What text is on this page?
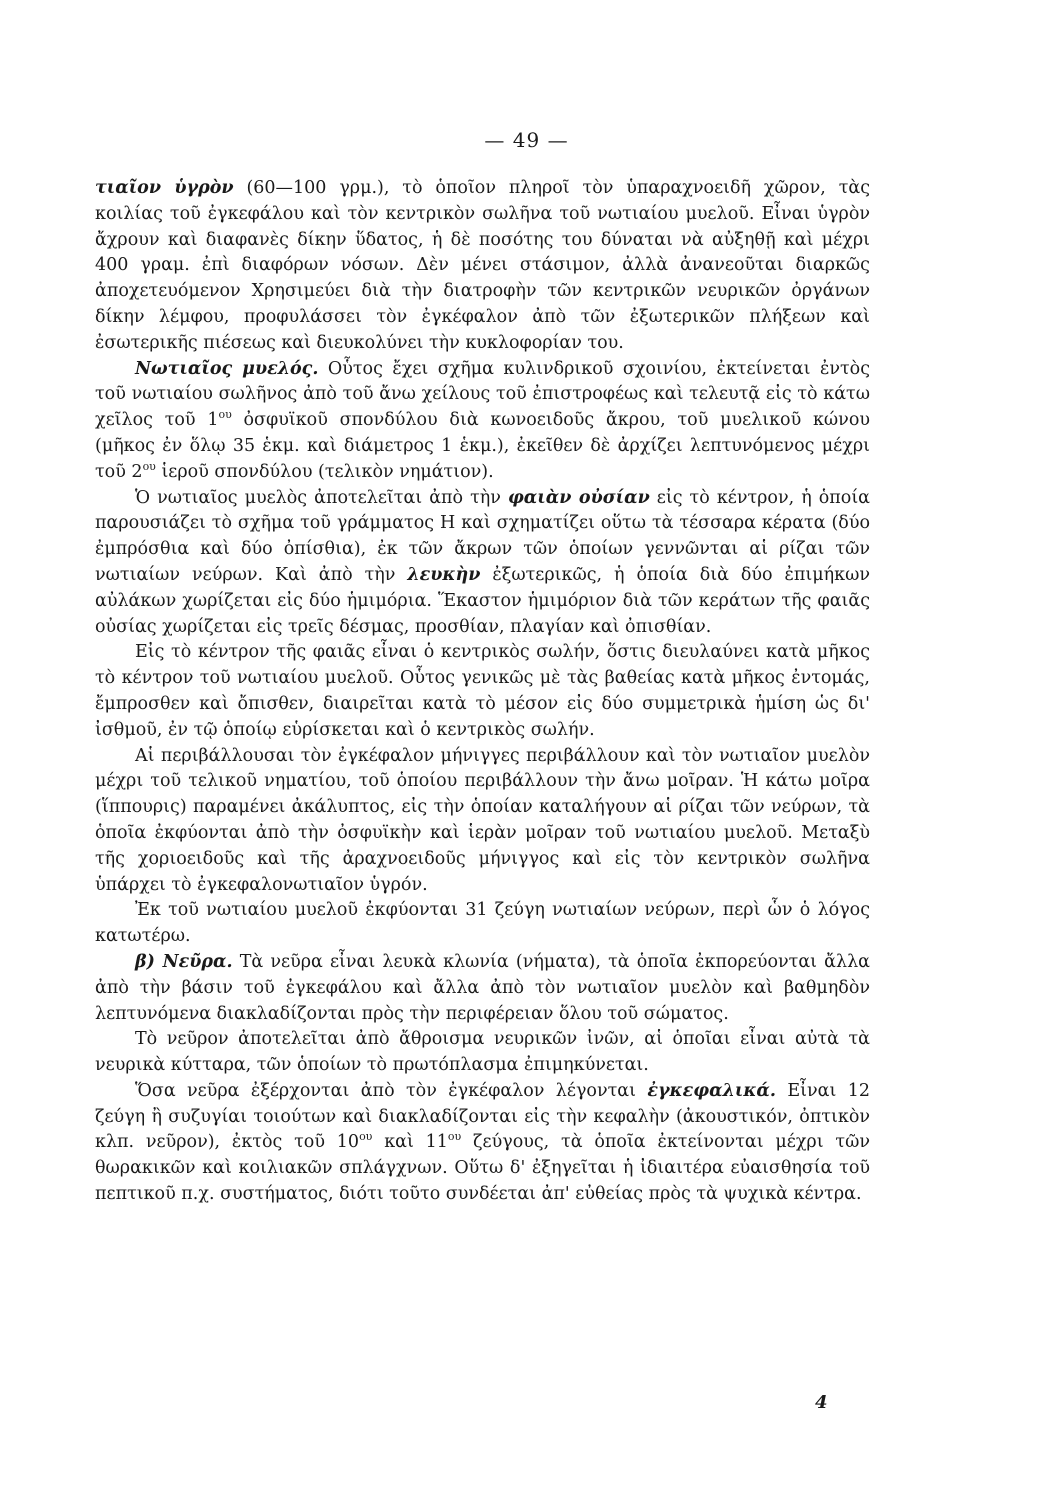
— 49 —

τιαῖον ὑγρὸν (60—100 γρμ.), τὸ ὁποῖον πληροῖ τὸν ὑπαραχνοειδῆ χῶρον, τὰς κοιλίας τοῦ ἐγκεφάλου καὶ τὸν κεντρικὸν σωλῆνα τοῦ νωτιαίου μυελοῦ. Εἶναι ὑγρὸν ἄχρουν καὶ διαφανὲς δίκην ὕδατος, ἡ δὲ ποσότης του δύναται νὰ αὐξηθῇ καὶ μέχρι 400 γραμ. ἐπὶ διαφόρων νόσων. Δὲν μένει στάσιμον, ἀλλὰ ἀνανεοῦται διαρκῶς ἀποχετευόμενον Χρησιμεύει διὰ τὴν διατροφὴν τῶν κεντρικῶν νευρικῶν ὀργάνων δίκην λέμφου, προφυλάσσει τὸν ἐγκέφαλον ἀπὸ τῶν ἐξωτερικῶν πλήξεων καὶ ἐσωτερικῆς πιέσεως καὶ διευκολύνει τὴν κυκλοφορίαν του.

Νωτιαῖος μυελός. Οὗτος ἔχει σχῆμα κυλινδρικοῦ σχοινίου, ἐκτείνεται ἐντὸς τοῦ νωτιαίου σωλῆνος ἀπὸ τοῦ ἄνω χείλους τοῦ ἐπιστροφέως καὶ τελευτᾷ εἰς τὸ κάτω χεῖλος τοῦ $1^{o\upsilon}$ ὀσφυϊκοῦ σπονδύλου διὰ κωνοειδοῦς ἄκρου, τοῦ μυελικοῦ κώνου (μῆκος ἐν ὅλῳ 35 ἑκμ. καὶ διάμετρος 1 ἑκμ.), ἐκεῖθεν δὲ ἀρχίζει λεπτυνόμενος μέχρι τοῦ $2^{o\upsilon}$ ἱεροῦ σπονδύλου (τελικὸν νημάτιον).

Ὁ νωτιαῖος μυελὸς ἀποτελεῖται ἀπὸ τὴν φαιὰν οὐσίαν εἰς τὸ κέντρον, ἡ ὁποία παρουσιάζει τὸ σχῆμα τοῦ γράμματος Η καὶ σχηματίζει οὕτω τὰ τέσσαρα κέρατα (δύο ἐμπρόσθια καὶ δύο ὀπίσθια), ἐκ τῶν ἄκρων τῶν ὁποίων γεννῶνται αἱ ρίζαι τῶν νωτιαίων νεύρων. Καὶ ἀπὸ τὴν λευκὴν ἐξωτερικῶς, ἡ ὁποία διὰ δύο ἐπιμήκων αὐλάκων χωρίζεται εἰς δύο ἡμιμόρια. Ἕκαστον ἡμιμόριον διὰ τῶν κεράτων τῆς φαιᾶς οὐσίας χωρίζεται εἰς τρεῖς δέσμας, προσθίαν, πλαγίαν καὶ ὀπισθίαν.

Εἰς τὸ κέντρον τῆς φαιᾶς εἶναι ὁ κεντρικὸς σωλήν, ὅστις διευλαύνει κατὰ μῆκος τὸ κέντρον τοῦ νωτιαίου μυελοῦ. Οὗτος γενικῶς μὲ τὰς βαθείας κατὰ μῆκος ἐντομάς, ἔμπροσθεν καὶ ὄπισθεν, διαιρεῖται κατὰ τὸ μέσον εἰς δύο συμμετρικὰ ἡμίση ὡς δι' ἰσθμοῦ, ἐν τῷ ὁποίῳ εὑρίσκεται καὶ ὁ κεντρικὸς σωλήν.

Αἱ περιβάλλουσαι τὸν ἐγκέφαλον μήνιγγες περιβάλλουν καὶ τὸν νωτιαῖον μυελὸν μέχρι τοῦ τελικοῦ νηματίου, τοῦ ὁποίου περιβάλλουν τὴν ἄνω μοῖραν. Ἡ κάτω μοῖρα (ἵππουρις) παραμένει ἀκάλυπτος, εἰς τὴν ὁποίαν καταλήγουν αἱ ρίζαι τῶν νεύρων, τὰ ὁποῖα ἐκφύονται ἀπὸ τὴν ὀσφυϊκὴν καὶ ἱερὰν μοῖραν τοῦ νωτιαίου μυελοῦ. Μεταξὺ τῆς χοριοειδοῦς καὶ τῆς ἀραχνοειδοῦς μήνιγγος καὶ εἰς τὸν κεντρικὸν σωλῆνα ὑπάρχει τὸ ἐγκεφαλονωτιαῖον ὑγρόν.

Ἐκ τοῦ νωτιαίου μυελοῦ ἐκφύονται 31 ζεύγη νωτιαίων νεύρων, περὶ ὧν ὁ λόγος κατωτέρω.

β) Νεῦρα. Τὰ νεῦρα εἶναι λευκὰ κλωνία (νήματα), τὰ ὁποῖα ἐκπορεύονται ἄλλα ἀπὸ τὴν βάσιν τοῦ ἐγκεφάλου καὶ ἄλλα ἀπὸ τὸν νωτιαῖον μυελὸν καὶ βαθμηδὸν λεπτυνόμενα διακλαδίζονται πρὸς τὴν περιφέρειαν ὅλου τοῦ σώματος.

Τὸ νεῦρον ἀποτελεῖται ἀπὸ ἄθροισμα νευρικῶν ἰνῶν, αἱ ὁποῖαι εἶναι αὐτὰ τὰ νευρικὰ κύτταρα, τῶν ὁποίων τὸ πρωτόπλασμα ἐπιμηκύνεται.

Ὅσα νεῦρα ἐξέρχονται ἀπὸ τὸν ἐγκέφαλον λέγονται ἐγκεφαλικά. Εἶναι 12 ζεύγη ἢ συζυγίαι τοιούτων καὶ διακλαδίζονται εἰς τὴν κεφαλὴν (ἀκουστικόν, ὀπτικὸν κλπ. νεῦρον), ἐκτὸς τοῦ $10^{o\upsilon}$ καὶ $11^{o\upsilon}$ ζεύγους, τὰ ὁποῖα ἐκτείνονται μέχρι τῶν θωρακικῶν καὶ κοιλιακῶν σπλάγχνων. Οὕτω δ' ἐξηγεῖται ἡ ἰδιαιτέρα εὐαισθησία τοῦ πεπτικοῦ π.χ. συστήματος, διότι τοῦτο συνδέεται ἀπ' εὐθείας πρὸς τὰ ψυχικὰ κέντρα.

4
